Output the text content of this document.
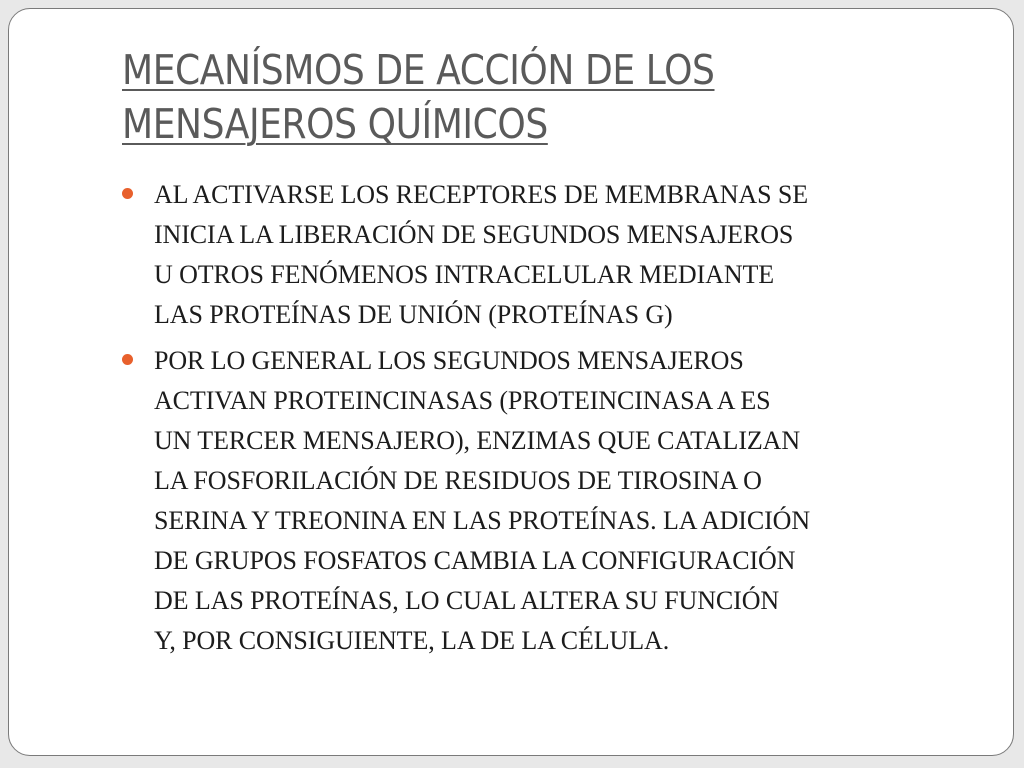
MECANÍSMOS DE ACCIÓN DE LOS
MENSAJEROS QUÍMICOS
AL ACTIVARSE LOS RECEPTORES DE MEMBRANAS SE
INICIA LA LIBERACIÓN DE SEGUNDOS MENSAJEROS
U OTROS FENÓMENOS INTRACELULAR MEDIANTE
LAS PROTEÍNAS DE UNIÓN (PROTEÍNAS G)
POR LO GENERAL LOS SEGUNDOS MENSAJEROS
ACTIVAN PROTEINCINASAS (PROTEINCINASA A ES
UN TERCER MENSAJERO), ENZIMAS QUE CATALIZAN
LA FOSFORILACIÓN DE RESIDUOS DE TIROSINA O
SERINA Y TREONINA EN LAS PROTEÍNAS. LA ADICIÓN
DE GRUPOS FOSFATOS CAMBIA LA CONFIGURACIÓN
DE LAS PROTEÍNAS, LO CUAL ALTERA SU FUNCIÓN
Y, POR CONSIGUIENTE, LA DE LA CÉLULA.
